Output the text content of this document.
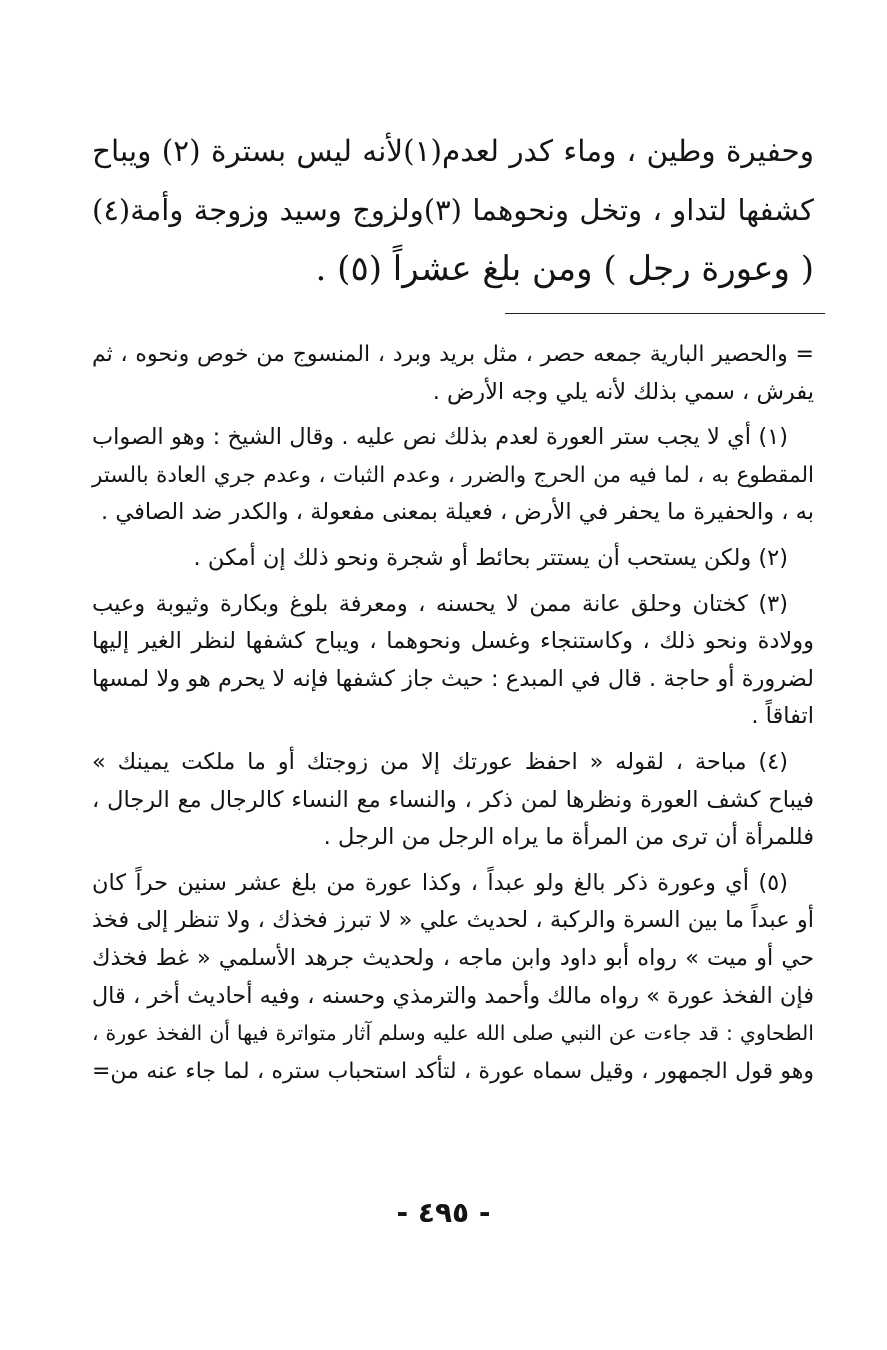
وحفيرة وطين ، وماء كدر لعدم(١)لأنه ليس بسترة (٢) ويباح
كشفها لتداو ، وتخل ونحوهما (٣)ولزوج وسيد وزوجة وأمة(٤)
( وعورة رجل ) ومن بلغ عشراً (٥) .
= والحصير البارية جمعه حصر ، مثل بريد وبرد ، المنسوج من خوص ونحوه ، ثم
يفرش ، سمي بذلك لأنه يلي وجه الأرض .
(١) أي لا يجب ستر العورة لعدم بذلك نص عليه . وقال الشيخ : وهو الصواب
المقطوع به ، لما فيه من الحرج والضرر ، وعدم الثبات ، وعدم جري العادة بالستر
به ، والحفيرة ما يحفر في الأرض ، فعيلة بمعنى مفعولة ، والكدر ضد الصافي .
(٢) ولكن يستحب أن يستتر بحائط أو شجرة ونحو ذلك إن أمكن .
(٣) كختان وحلق عانة ممن لا يحسنه ، ومعرفة بلوغ وبكارة وثيوبة وعيب
وولادة ونحو ذلك ، وكاستنجاء وغسل ونحوهما ، ويباح كشفها لنظر الغير إليها
لضرورة أو حاجة . قال في المبدع : حيث جاز كشفها فإنه لا يحرم هو ولا لمسها
اتفاقاً .
(٤) مباحة ، لقوله « احفظ عورتك إلا من زوجتك أو ما ملكت يمينك »
فيباح كشف العورة ونظرها لمن ذكر ، والنساء مع النساء كالرجال مع الرجال ،
فللمرأة أن ترى من المرأة ما يراه الرجل من الرجل .
(٥) أي وعورة ذكر بالغ ولو عبداً ، وكذا عورة من بلغ عشر سنين حراً كان
أو عبداً ما بين السرة والركبة ، لحديث علي « لا تبرز فخذك ، ولا تنظر إلى فخذ
حي أو ميت » رواه أبو داود وابن ماجه ، ولحديث جرهد الأسلمي « غط فخذك
فإن الفخذ عورة » رواه مالك وأحمد والترمذي وحسنه ، وفيه أحاديث أخر ، قال
الطحاوي : قد جاءت عن النبي صلى الله عليه وسلم آثار متواترة فيها أن الفخذ عورة ،
وهو قول الجمهور ، وقيل سماه عورة ، لتأكد استحباب ستره ، لما جاء عنه من=
- ٤٩٥ -
